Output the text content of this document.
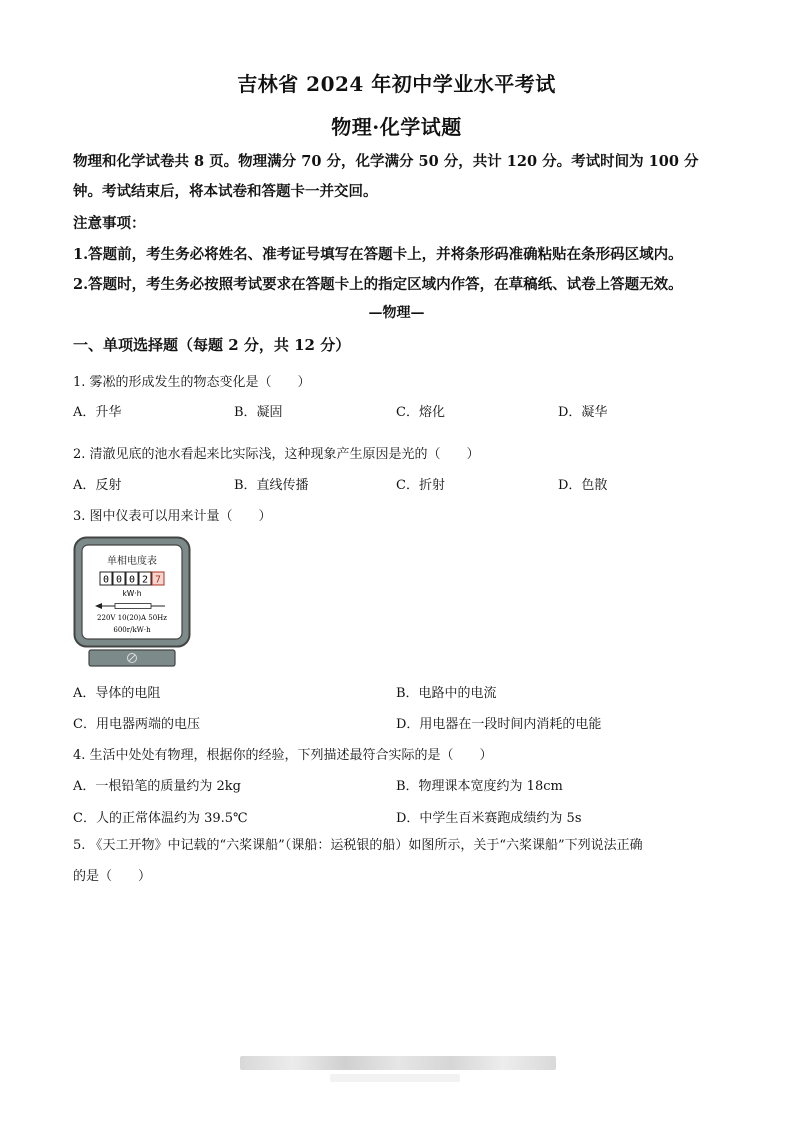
吉林省 2024 年初中学业水平考试
物理·化学试题
物理和化学试卷共 8 页。物理满分 70 分，化学满分 50 分，共计 120 分。考试时间为 100 分
钟。考试结束后，将本试卷和答题卡一并交回。
注意事项：
1.答题前，考生务必将姓名、准考证号填写在答题卡上，并将条形码准确粘贴在条形码区域内。
2.答题时，考生务必按照考试要求在答题卡上的指定区域内作答，在草稿纸、试卷上答题无效。
—物理—
一、单项选择题（每题 2 分，共 12 分）
1. 雾凇的形成发生的物态变化是（　　）
A．升华	B．凝固	C．熔化	D．凝华
2. 清澈见底的池水看起来比实际浅，这种现象产生原因是光的（　　）
A．反射	B．直线传播	C．折射	D．色散
3. 图中仪表可以用来计量（　　）
单相电度表
0 0 0 2 7
kW·h
220V 10(20)A 50Hz
600r/kW·h
A．导体的电阻	B．电路中的电流
C．用电器两端的电压	D．用电器在一段时间内消耗的电能
4. 生活中处处有物理，根据你的经验，下列描述最符合实际的是（　　）
A．一根铅笔的质量约为 2kg	B．物理课本宽度约为 18cm
C．人的正常体温约为 39.5℃	D．中学生百米赛跑成绩约为 5s
5. 《天工开物》中记载的“六桨课船”（课船：运税银的船）如图所示，关于“六桨课船”下列说法正确
的是（　　）
